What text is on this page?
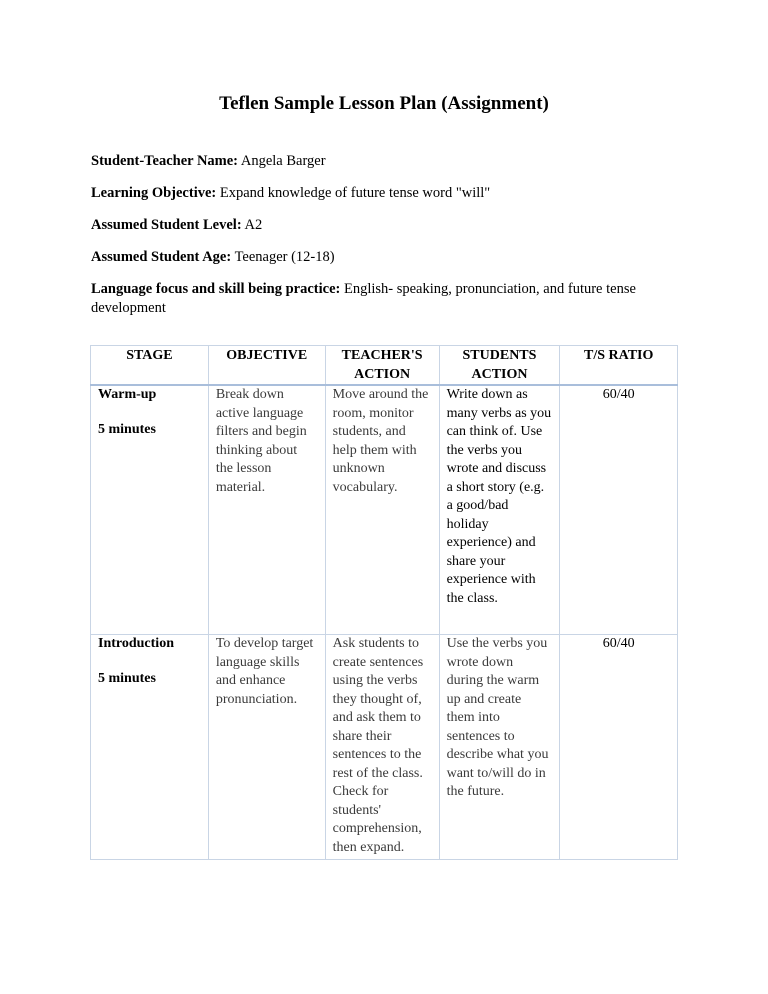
Teflen Sample Lesson Plan (Assignment)
Student-Teacher Name: Angela Barger
Learning Objective: Expand knowledge of future tense word "will"
Assumed Student Level: A2
Assumed Student Age: Teenager (12-18)
Language focus and skill being practice: English- speaking, pronunciation, and future tense development
STAGE	OBJECTIVE	TEACHER'S ACTION	STUDENTS ACTION	T/S RATIO

Warm-up
5 minutes	Break down active language filters and begin thinking about the lesson material.	Move around the room, monitor students, and help them with unknown vocabulary.	Write down as many verbs as you can think of. Use the verbs you wrote and discuss a short story (e.g. a good/bad holiday experience) and share your experience with the class.	60/40

Introduction
5 minutes	To develop target language skills and enhance pronunciation.	Ask students to create sentences using the verbs they thought of, and ask them to share their sentences to the rest of the class. Check for students' comprehension, then expand.	Use the verbs you wrote down during the warm up and create them into sentences to describe what you want to/will do in the future.	60/40
